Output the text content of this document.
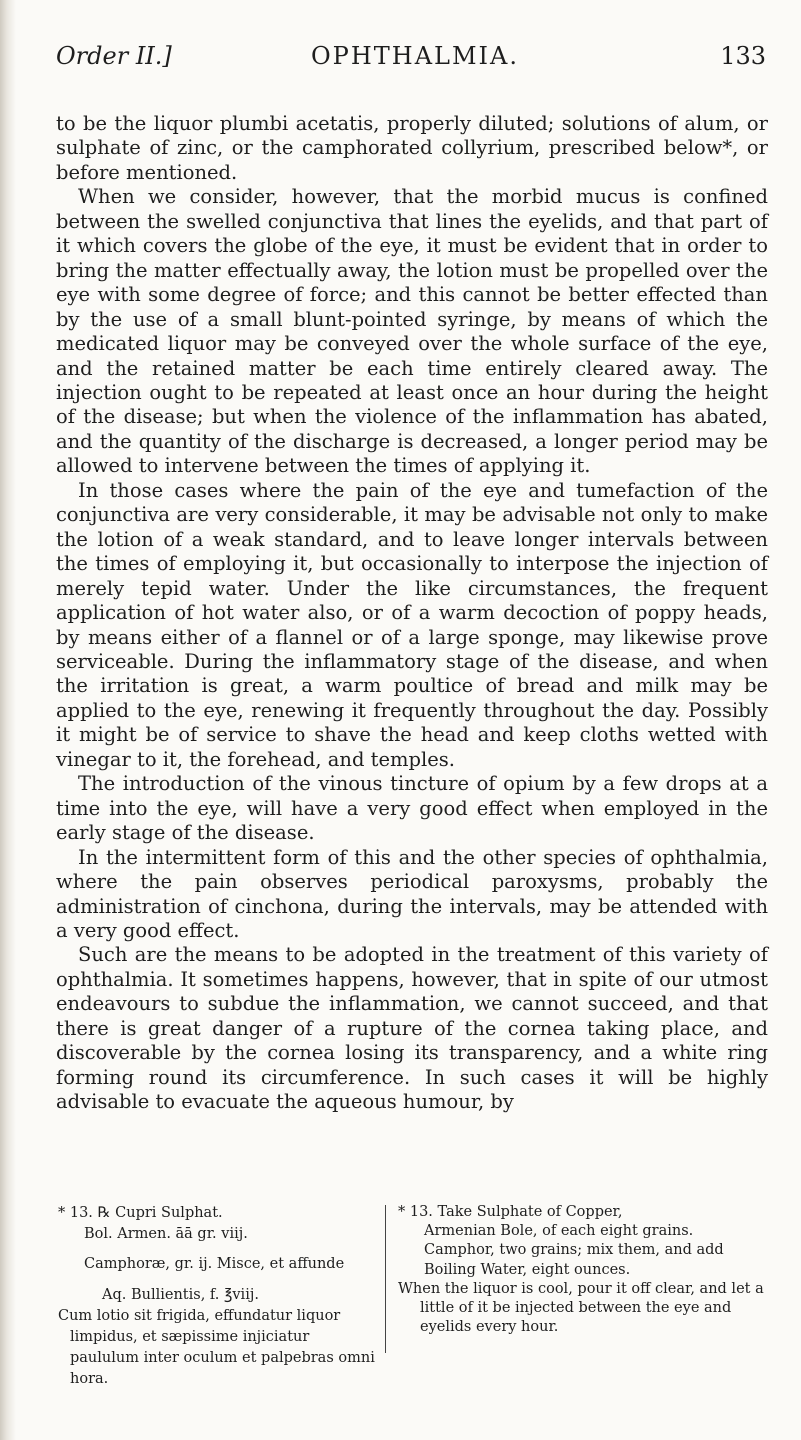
Order II.]	OPHTHALMIA.	133

to be the liquor plumbi acetatis, properly diluted; solutions of alum, or sulphate of zinc, or the camphorated collyrium, prescribed below*, or before mentioned.

When we consider, however, that the morbid mucus is confined between the swelled conjunctiva that lines the eyelids, and that part of it which covers the globe of the eye, it must be evident that in order to bring the matter effectually away, the lotion must be propelled over the eye with some degree of force; and this cannot be better effected than by the use of a small blunt-pointed syringe, by means of which the medicated liquor may be conveyed over the whole surface of the eye, and the retained matter be each time entirely cleared away. The injection ought to be repeated at least once an hour during the height of the disease; but when the violence of the inflammation has abated, and the quantity of the discharge is decreased, a longer period may be allowed to intervene between the times of applying it.

In those cases where the pain of the eye and tumefaction of the conjunctiva are very considerable, it may be advisable not only to make the lotion of a weak standard, and to leave longer intervals between the times of employing it, but occasionally to interpose the injection of merely tepid water. Under the like circumstances, the frequent application of hot water also, or of a warm decoction of poppy heads, by means either of a flannel or of a large sponge, may likewise prove serviceable. During the inflammatory stage of the disease, and when the irritation is great, a warm poultice of bread and milk may be applied to the eye, renewing it frequently throughout the day. Possibly it might be of service to shave the head and keep cloths wetted with vinegar to it, the forehead, and temples.

The introduction of the vinous tincture of opium by a few drops at a time into the eye, will have a very good effect when employed in the early stage of the disease.

In the intermittent form of this and the other species of ophthalmia, where the pain observes periodical paroxysms, probably the administration of cinchona, during the intervals, may be attended with a very good effect.

Such are the means to be adopted in the treatment of this variety of ophthalmia. It sometimes happens, however, that in spite of our utmost endeavours to subdue the inflammation, we cannot succeed, and that there is great danger of a rupture of the cornea taking place, and discoverable by the cornea losing its transparency, and a white ring forming round its circumference. In such cases it will be highly advisable to evacuate the aqueous humour, by

* 13. ℞ Cupri Sulphat.
Bol. Armen. āā gr. viij.
Camphoræ, gr. ij. Misce, et affunde
Aq. Bullientis, f. ℥viij.
Cum lotio sit frigida, effundatur liquor limpidus, et sæpissime injiciatur paululum inter oculum et palpebras omni hora.
* 13. Take Sulphate of Copper,
Armenian Bole, of each eight grains.
Camphor, two grains; mix them, and add
Boiling Water, eight ounces.
When the liquor is cool, pour it off clear, and let a little of it be injected between the eye and eyelids every hour.
